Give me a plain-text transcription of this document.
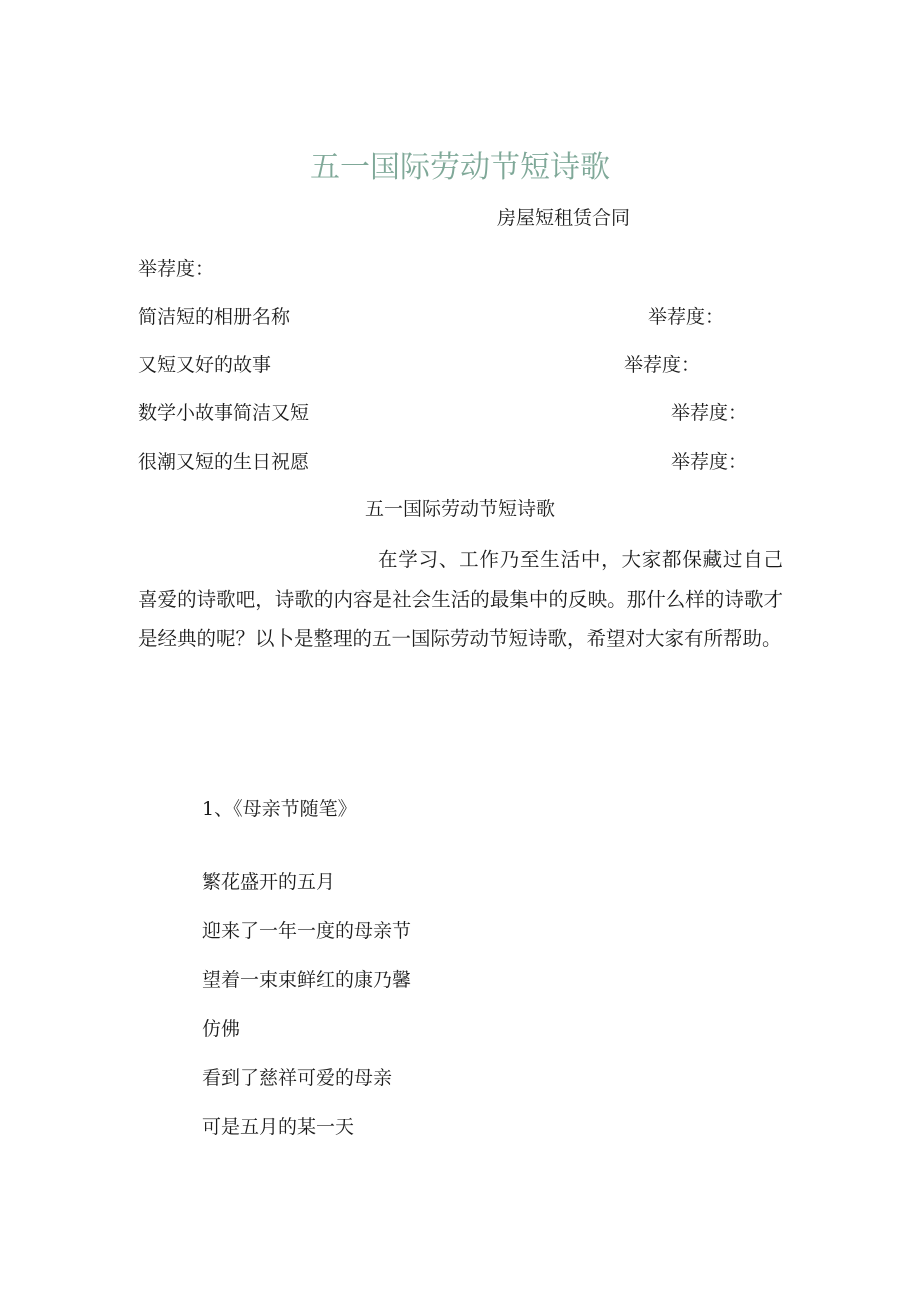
五一国际劳动节短诗歌
房屋短租赁合同
举荐度：
简洁短的相册名称	举荐度：
又短又好的故事	举荐度：
数学小故事简洁又短	举荐度：
很潮又短的生日祝愿	举荐度：
五一国际劳动节短诗歌
在学习、工作乃至生活中，大家都保藏过自己喜爱的诗歌吧，诗歌的内容是社会生活的最集中的反映。那什么样的诗歌才是经典的呢？以卜是整理的五一国际劳动节短诗歌，希望对大家有所帮助。
1、《母亲节随笔》
繁花盛开的五月
迎来了一年一度的母亲节
望着一束束鲜红的康乃馨
仿佛
看到了慈祥可爱的母亲
可是五月的某一天
